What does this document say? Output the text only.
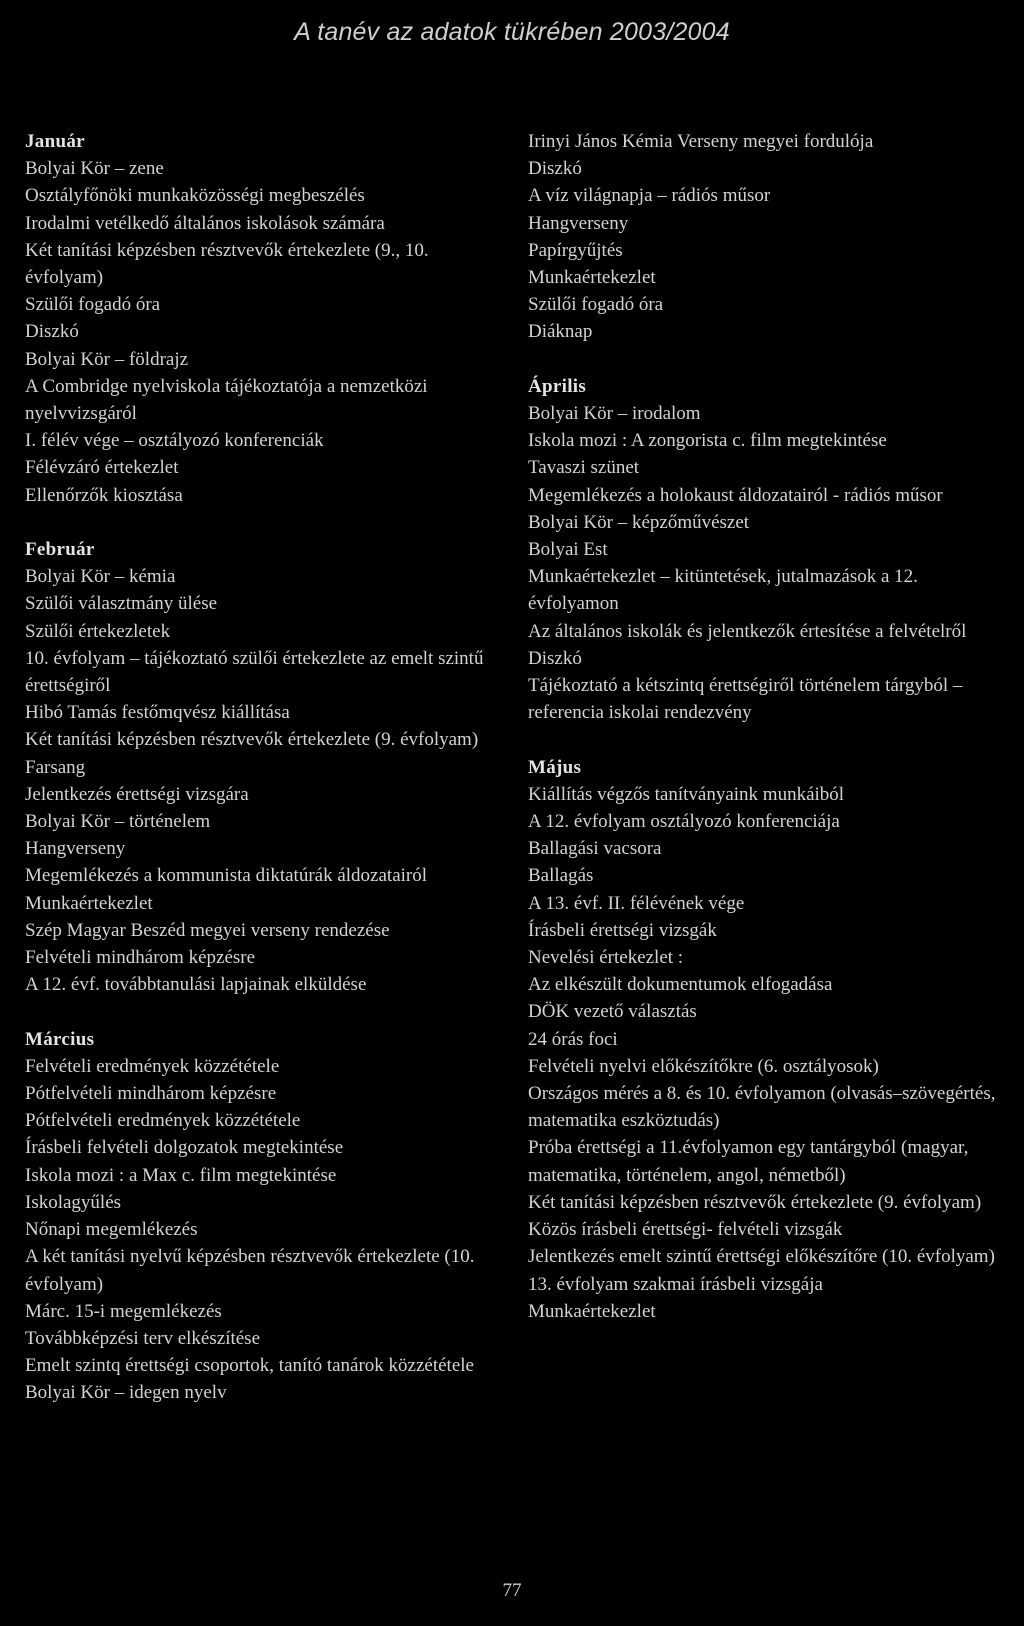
A tanév az adatok tükrében 2003/2004
Január
Bolyai Kör – zene
Osztályfőnöki munkaközösségi megbeszélés
Irodalmi vetélkedő általános iskolások számára
Két tanítási képzésben résztvevők értekezlete (9., 10. évfolyam)
Szülői fogadó óra
Diszkó
Bolyai Kör – földrajz
A Combridge nyelviskola tájékoztatója a nemzetközi nyelvvizsgáról
I. félév vége – osztályozó konferenciák
Félévzáró értekezlet
Ellenőrzők kiosztása
Február
Bolyai Kör – kémia
Szülői választmány ülése
Szülői értekezletek
10. évfolyam – tájékoztató szülői értekezlete az emelt szintű érettségiről
Hibó Tamás festőmqvész kiállítása
Két tanítási képzésben résztvevők értekezlete (9. évfolyam)
Farsang
Jelentkezés érettségi vizsgára
Bolyai Kör – történelem
Hangverseny
Megemlékezés a kommunista diktatúrák áldozatairól
Munkaértekezlet
Szép Magyar Beszéd megyei verseny rendezése
Felvételi mindhárom képzésre
A 12. évf. továbbtanulási lapjainak elküldése
Március
Felvételi eredmények közzététele
Pótfelvételi mindhárom képzésre
Pótfelvételi eredmények közzététele
Írásbeli felvételi dolgozatok megtekintése
Iskola mozi : a Max c. film megtekintése
Iskolagyűlés
Nőnapi megemlékezés
A két tanítási nyelvű képzésben résztvevők értekezlete (10. évfolyam)
Márc. 15-i megemlékezés
Továbbképzési terv elkészítése
Emelt szintq érettségi csoportok, tanító tanárok közzététele
Bolyai Kör – idegen nyelv
Irinyi János Kémia Verseny megyei fordulója
Diszkó
A víz világnapja – rádiós műsor
Hangverseny
Papírgyűjtés
Munkaértekezlet
Szülői fogadó óra
Diáknap
Április
Bolyai Kör – irodalom
Iskola mozi : A zongorista c. film megtekintése
Tavaszi szünet
Megemlékezés a holokaust áldozatairól - rádiós műsor
Bolyai Kör – képzőművészet
Bolyai Est
Munkaértekezlet – kitüntetések, jutalmazások a 12. évfolyamon
Az általános iskolák és jelentkezők értesítése a felvételről
Diszkó
Tájékoztató a kétszintq érettségiről történelem tárgyból – referencia iskolai rendezvény
Május
Kiállítás végzős tanítványaink munkáiból
A 12. évfolyam osztályozó konferenciája
Ballagási vacsora
Ballagás
A 13. évf. II. félévének vége
Írásbeli érettségi vizsgák
Nevelési értekezlet :
Az elkészült dokumentumok elfogadása
DÖK vezető választás
24 órás foci
Felvételi nyelvi előkészítőkre (6. osztályosok)
Országos mérés a 8. és 10. évfolyamon (olvasás–szövegértés, matematika eszköztudás)
Próba érettségi a 11.évfolyamon egy tantárgyból (magyar, matematika, történelem, angol, németből)
Két tanítási képzésben résztvevők értekezlete (9. évfolyam)
Közös írásbeli érettségi- felvételi vizsgák
Jelentkezés emelt szintű érettségi előkészítőre (10. évfolyam)
13. évfolyam szakmai írásbeli vizsgája
Munkaértekezlet
77
